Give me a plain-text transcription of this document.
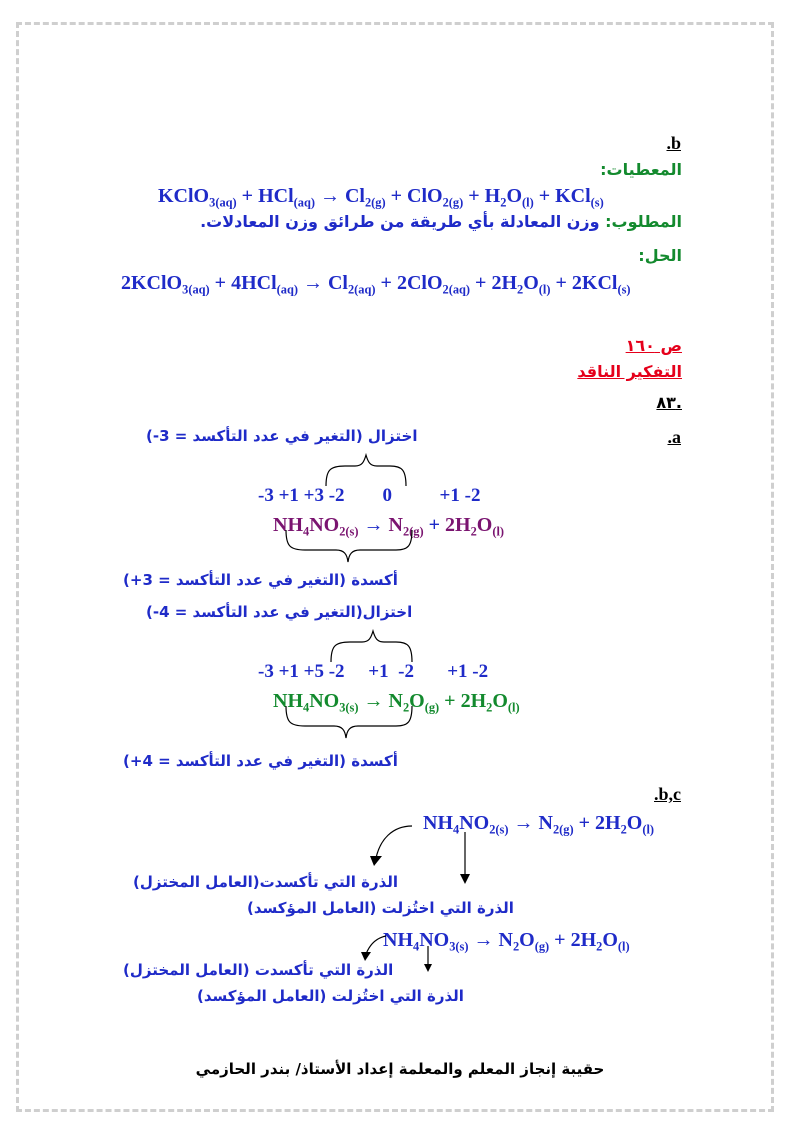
.b
المعطيات:
KClO$_{3(aq)}$ + $HCl_{(aq)} \to Cl_{2(g)} + ClO_{2(g)} + H_2O_{(l)} + KCl_{(s)}$
المطلوب: وزن المعادلة بأي طريقة من طرائق وزن المعادلات.
الحل:
2KClO$_{3(aq)}$ + $4HCl_{(aq)} \to Cl_{2(aq)} + 2ClO_{2(aq)} + 2H_2O_{(l)} + 2KCl_{(s)}$
ص ١٦٠
التفكير الناقد
.٨٣
.a
اختزال (التغير في عدد التأكسد = 3-)
-3 +1 +3 -2        0          +1 -2
$NH_4NO_{2(s)} \to N_{2(g)} + 2H_2O_{(l)}$
أكسدة (التغير في عدد التأكسد = 3+)
اختزال(التغير في عدد التأكسد = 4-)
-3 +1 +5 -2     +1  -2       +1 -2
$NH_4NO_{3(s)} \to N_2O_{(g)} + 2H_2O_{(l)}$
أكسدة (التغير في عدد التأكسد = 4+)
.b,c
$NH_4NO_{2(s)} \to N_{2(g)} + 2H_2O_{(l)}$
الذرة التي تأكسدت(العامل المختزل)
الذرة التي اختُزلت (العامل المؤكسد)
$NH_4NO_{3(s)} \to N_2O_{(g)} + 2H_2O_{(l)}$
الذرة التي تأكسدت (العامل المختزل)
الذرة التي اختُزلت (العامل المؤكسد)
حقيبة إنجاز المعلم والمعلمة إعداد الأستاذ/ بندر الحازمي
